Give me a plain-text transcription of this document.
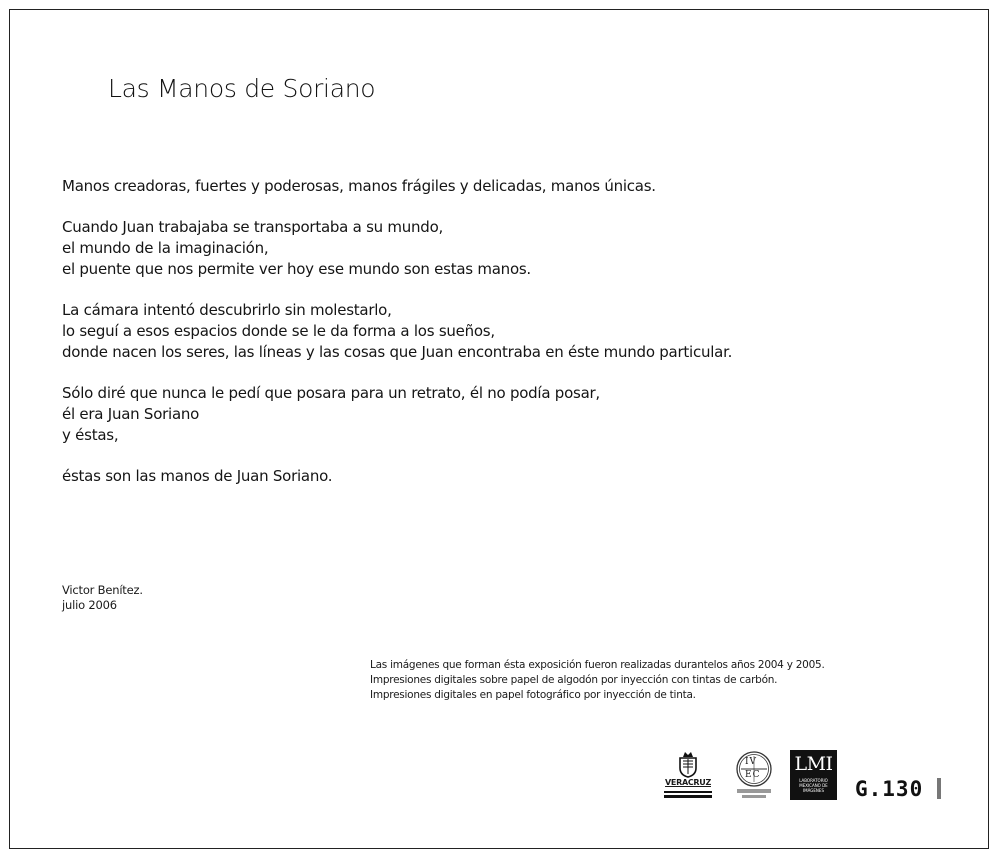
Las Manos de Soriano

Manos creadoras, fuertes y poderosas, manos frágiles y delicadas, manos únicas.

Cuando Juan trabajaba se transportaba a su mundo,
el mundo de la imaginación,
el puente que nos permite ver hoy ese mundo son estas manos.

La cámara intentó descubrirlo sin molestarlo,
lo seguí a esos espacios donde se le da forma a los sueños,
donde nacen los seres, las líneas y las cosas que Juan encontraba en éste mundo particular.

Sólo diré que nunca le pedí que posara para un retrato, él no podía posar,
él era Juan Soriano
y éstas,

éstas son las manos de Juan Soriano.

Victor Benítez.
julio 2006
Las imágenes que forman ésta exposición fueron realizadas durantelos años 2004 y 2005.
Impresiones digitales sobre papel de algodón por inyección con tintas de carbón.
Impresiones digitales en papel fotográfico por inyección de tinta.
VERACRUZ
IV
EC LMI
LABORATORIO
MEXICANO DE
IMÁGENES	G.130
